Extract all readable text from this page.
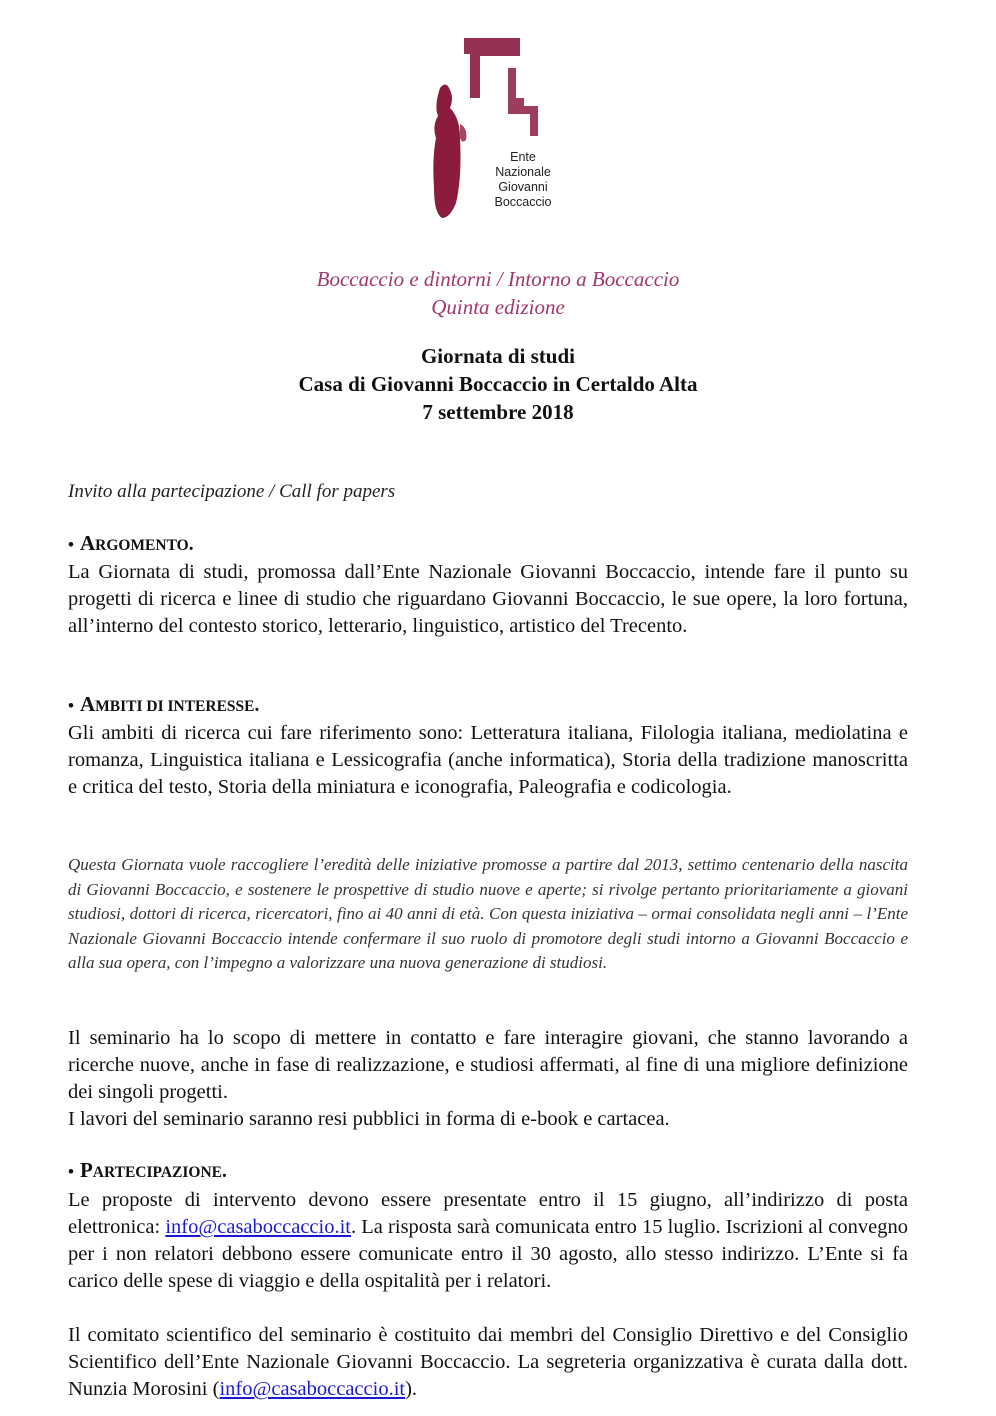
Ente
Nazionale
Giovanni
Boccaccio
Boccaccio e dintorni / Intorno a Boccaccio
Quinta edizione
Giornata di studi
Casa di Giovanni Boccaccio in Certaldo Alta
7 settembre 2018
Invito alla partecipazione / Call for papers
• ARGOMENTO.
La Giornata di studi, promossa dall’Ente Nazionale Giovanni Boccaccio, intende fare il punto su progetti di ricerca e linee di studio che riguardano Giovanni Boccaccio, le sue opere, la loro fortuna, all’interno del contesto storico, letterario, linguistico, artistico del Trecento.
• AMBITI DI INTERESSE.
Gli ambiti di ricerca cui fare riferimento sono: Letteratura italiana, Filologia italiana, mediolatina e romanza, Linguistica italiana e Lessicografia (anche informatica), Storia della tradizione manoscritta e critica del testo, Storia della miniatura e iconografia, Paleografia e codicologia.
Questa Giornata vuole raccogliere l’eredità delle iniziative promosse a partire dal 2013, settimo centenario della nascita di Giovanni Boccaccio, e sostenere le prospettive di studio nuove e aperte; si rivolge pertanto prioritariamente a giovani studiosi, dottori di ricerca, ricercatori, fino ai 40 anni di età. Con questa iniziativa – ormai consolidata negli anni – l’Ente Nazionale Giovanni Boccaccio intende confermare il suo ruolo di promotore degli studi intorno a Giovanni Boccaccio e alla sua opera, con l’impegno a valorizzare una nuova generazione di studiosi.
Il seminario ha lo scopo di mettere in contatto e fare interagire giovani, che stanno lavorando a ricerche nuove, anche in fase di realizzazione, e studiosi affermati, al fine di una migliore definizione dei singoli progetti.
I lavori del seminario saranno resi pubblici in forma di e-book e cartacea.
• PARTECIPAZIONE.
Le proposte di intervento devono essere presentate entro il 15 giugno, all’indirizzo di posta elettronica: info@casaboccaccio.it. La risposta sarà comunicata entro 15 luglio. Iscrizioni al convegno per i non relatori debbono essere comunicate entro il 30 agosto, allo stesso indirizzo. L’Ente si fa carico delle spese di viaggio e della ospitalità per i relatori.
Il comitato scientifico del seminario è costituito dai membri del Consiglio Direttivo e del Consiglio Scientifico dell’Ente Nazionale Giovanni Boccaccio. La segreteria organizzativa è curata dalla dott. Nunzia Morosini (info@casaboccaccio.it).
